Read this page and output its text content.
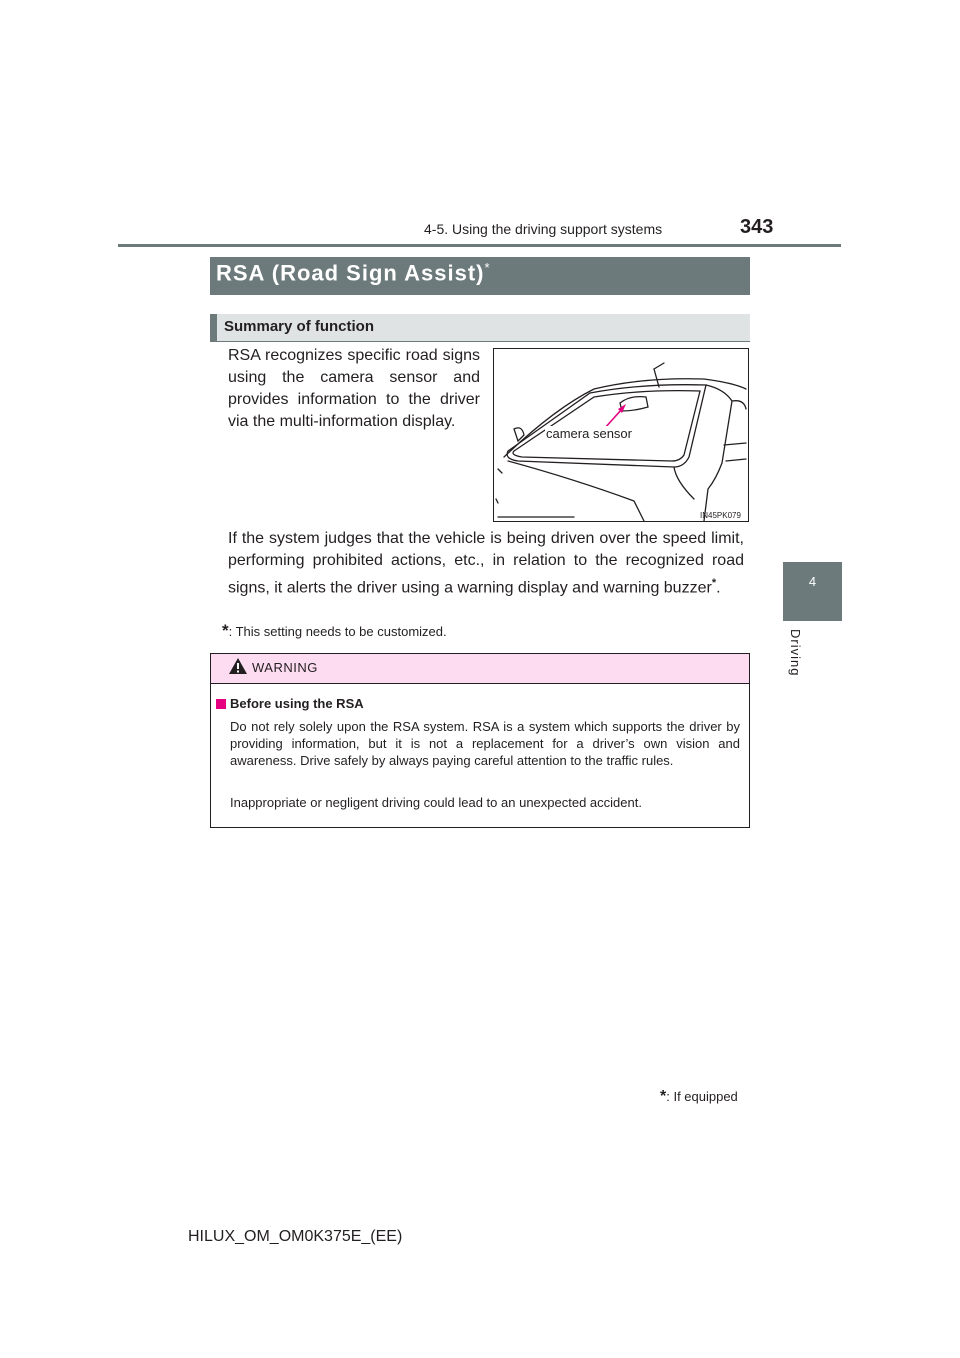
4-5. Using the driving support systems	343
4
Driving
RSA (Road Sign Assist)*
Summary of function
RSA recognizes specific road signs using the camera sensor and provides information to the driver via the multi-information display.
camera sensor
IN45PK079
If the system judges that the vehicle is being driven over the speed limit, performing prohibited actions, etc., in relation to the recognized road signs, it alerts the driver using a warning display and warning buzzer*.
*: This setting needs to be customized.
WARNING
Before using the RSA
Do not rely solely upon the RSA system. RSA is a system which supports the driver by providing information, but it is not a replacement for a driver’s own vision and awareness. Drive safely by always paying careful attention to the traffic rules.
Inappropriate or negligent driving could lead to an unexpected accident.
*: If equipped
HILUX_OM_OM0K375E_(EE)
